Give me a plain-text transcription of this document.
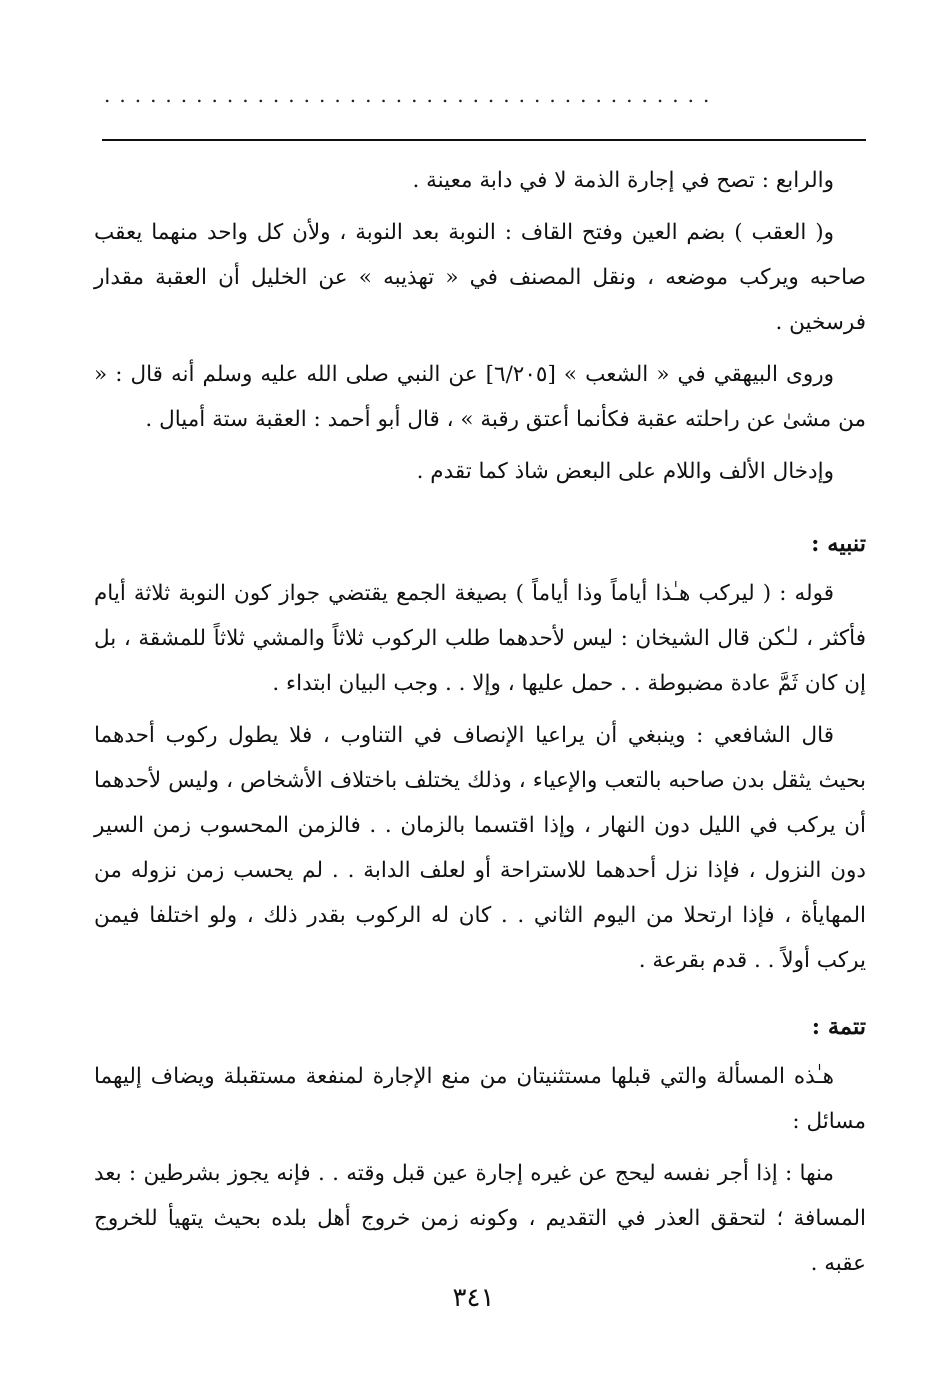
........................................

والرابع : تصح في إجارة الذمة لا في دابة معينة .

و( العقب ) بضم العين وفتح القاف : النوبة بعد النوبة ، ولأن كل واحد منهما يعقب صاحبه ويركب موضعه ، ونقل المصنف في « تهذيبه » عن الخليل أن العقبة مقدار فرسخين .

وروى البيهقي في « الشعب » [٦/٢٠٥] عن النبي صلى الله عليه وسلم أنه قال : « من مشىٰ عن راحلته عقبة فكأنما أعتق رقبة » ، قال أبو أحمد : العقبة ستة أميال .

وإدخال الألف واللام على البعض شاذ كما تقدم .

تنبيه :

قوله : ( ليركب هـٰذا أياماً وذا أياماً ) بصيغة الجمع يقتضي جواز كون النوبة ثلاثة أيام فأكثر ، لـٰكن قال الشيخان : ليس لأحدهما طلب الركوب ثلاثاً والمشي ثلاثاً للمشقة ، بل إن كان ثَمَّ عادة مضبوطة . . حمل عليها ، وإلا . . وجب البيان ابتداء .

قال الشافعي : وينبغي أن يراعيا الإنصاف في التناوب ، فلا يطول ركوب أحدهما بحيث يثقل بدن صاحبه بالتعب والإعياء ، وذلك يختلف باختلاف الأشخاص ، وليس لأحدهما أن يركب في الليل دون النهار ، وإذا اقتسما بالزمان . . فالزمن المحسوب زمن السير دون النزول ، فإذا نزل أحدهما للاستراحة أو لعلف الدابة . . لم يحسب زمن نزوله من المهايأة ، فإذا ارتحلا من اليوم الثاني . . كان له الركوب بقدر ذلك ، ولو اختلفا فيمن يركب أولاً . . قدم بقرعة .

تتمة :

هـٰذه المسألة والتي قبلها مستثنيتان من منع الإجارة لمنفعة مستقبلة ويضاف إليهما مسائل :

منها : إذا أجر نفسه ليحج عن غيره إجارة عين قبل وقته . . فإنه يجوز بشرطين : بعد المسافة ؛ لتحقق العذر في التقديم ، وكونه زمن خروج أهل بلده بحيث يتهيأ للخروج عقبه .

٣٤١
